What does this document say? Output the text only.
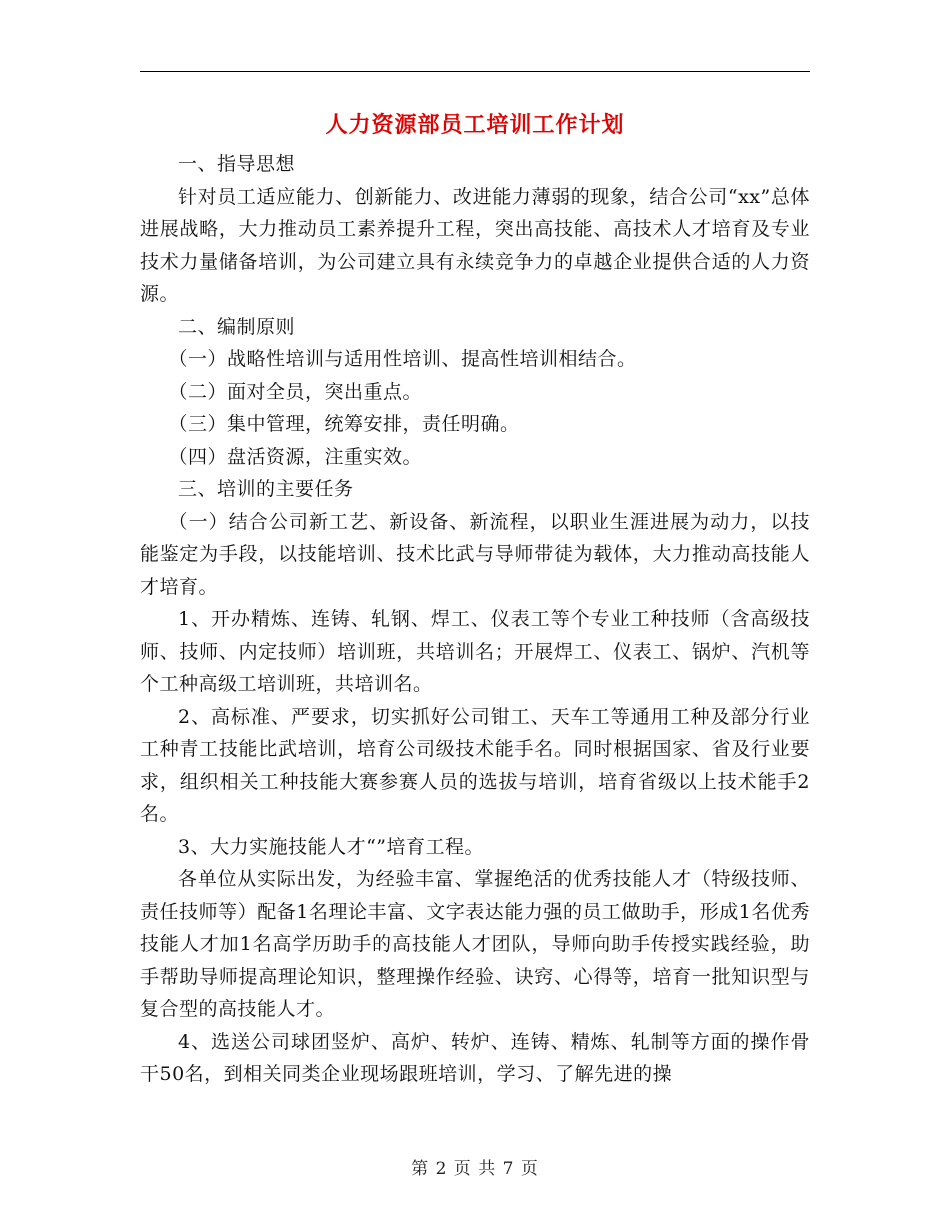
人力资源部员工培训工作计划

一、指导思想

针对员工适应能力、创新能力、改进能力薄弱的现象，结合公司“xx”总体进展战略，大力推动员工素养提升工程，突出高技能、高技术人才培育及专业技术力量储备培训，为公司建立具有永续竞争力的卓越企业提供合适的人力资源。

二、编制原则

（一）战略性培训与适用性培训、提高性培训相结合。

（二）面对全员，突出重点。

（三）集中管理，统筹安排，责任明确。

（四）盘活资源，注重实效。

三、培训的主要任务

（一）结合公司新工艺、新设备、新流程，以职业生涯进展为动力，以技能鉴定为手段，以技能培训、技术比武与导师带徒为载体，大力推动高技能人才培育。

1、开办精炼、连铸、轧钢、焊工、仪表工等个专业工种技师（含高级技师、技师、内定技师）培训班，共培训名；开展焊工、仪表工、锅炉、汽机等个工种高级工培训班，共培训名。

2、高标准、严要求，切实抓好公司钳工、天车工等通用工种及部分行业工种青工技能比武培训，培育公司级技术能手名。同时根据国家、省及行业要求，组织相关工种技能大赛参赛人员的选拔与培训，培育省级以上技术能手2名。

3、大力实施技能人才“”培育工程。

各单位从实际出发，为经验丰富、掌握绝活的优秀技能人才（特级技师、责任技师等）配备1名理论丰富、文字表达能力强的员工做助手，形成1名优秀技能人才加1名高学历助手的高技能人才团队，导师向助手传授实践经验，助手帮助导师提高理论知识，整理操作经验、诀窍、心得等，培育一批知识型与复合型的高技能人才。

4、选送公司球团竖炉、高炉、转炉、连铸、精炼、轧制等方面的操作骨干50名，到相关同类企业现场跟班培训，学习、了解先进的操

第 2 页 共 7 页
